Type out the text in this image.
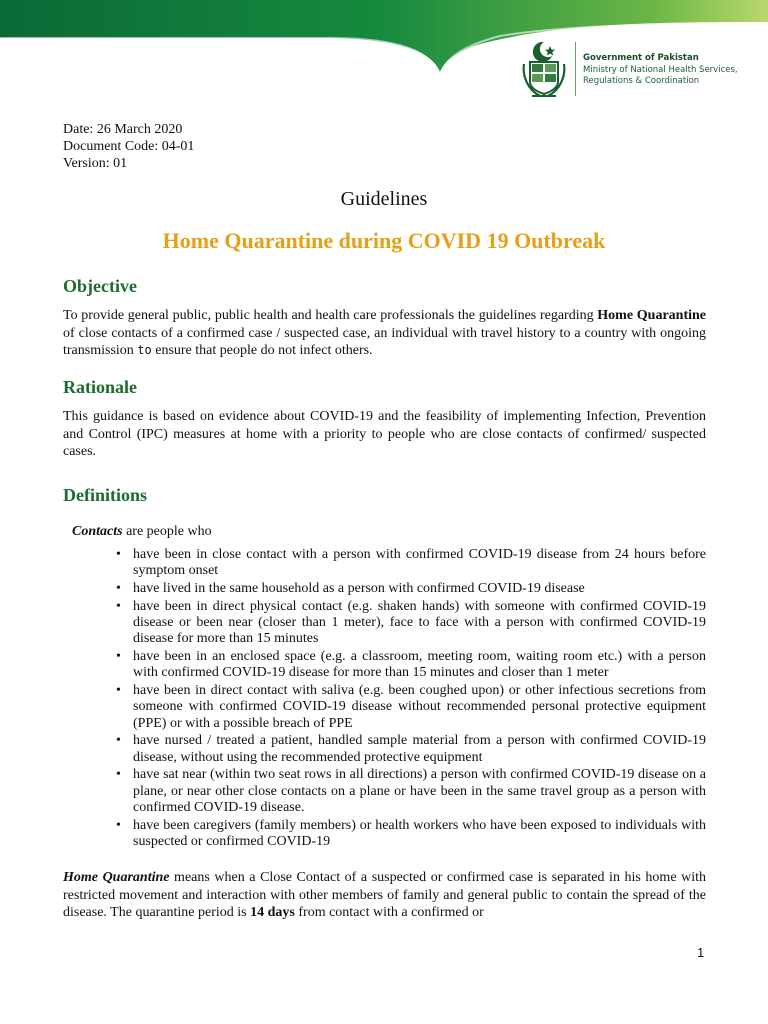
Government of Pakistan
Ministry of National Health Services,
Regulations & Coordination
Date: 26 March 2020
Document Code: 04-01
Version: 01
Guidelines
Home Quarantine during COVID 19 Outbreak
Objective
To provide general public, public health and health care professionals the guidelines regarding Home Quarantine of close contacts of a confirmed case / suspected case, an individual with travel history to a country with ongoing transmission to ensure that people do not infect others.
Rationale
This guidance is based on evidence about COVID-19 and the feasibility of implementing Infection, Prevention and Control (IPC) measures at home with a priority to people who are close contacts of confirmed/ suspected cases.
Definitions
Contacts are people who
• have been in close contact with a person with confirmed COVID-19 disease from 24 hours before symptom onset
• have lived in the same household as a person with confirmed COVID-19 disease
• have been in direct physical contact (e.g. shaken hands) with someone with confirmed COVID-19 disease or been near (closer than 1 meter), face to face with a person with confirmed COVID-19 disease for more than 15 minutes
• have been in an enclosed space (e.g. a classroom, meeting room, waiting room etc.) with a person with confirmed COVID-19 disease for more than 15 minutes and closer than 1 meter
• have been in direct contact with saliva (e.g. been coughed upon) or other infectious secretions from someone with confirmed COVID-19 disease without recommended personal protective equipment (PPE) or with a possible breach of PPE
• have nursed / treated a patient, handled sample material from a person with confirmed COVID-19 disease, without using the recommended protective equipment
• have sat near (within two seat rows in all directions) a person with confirmed COVID-19 disease on a plane, or near other close contacts on a plane or have been in the same travel group as a person with confirmed COVID-19 disease.
• have been caregivers (family members) or health workers who have been exposed to individuals with suspected or confirmed COVID-19
Home Quarantine means when a Close Contact of a suspected or confirmed case is separated in his home with restricted movement and interaction with other members of family and general public to contain the spread of the disease. The quarantine period is 14 days from contact with a confirmed or
1
